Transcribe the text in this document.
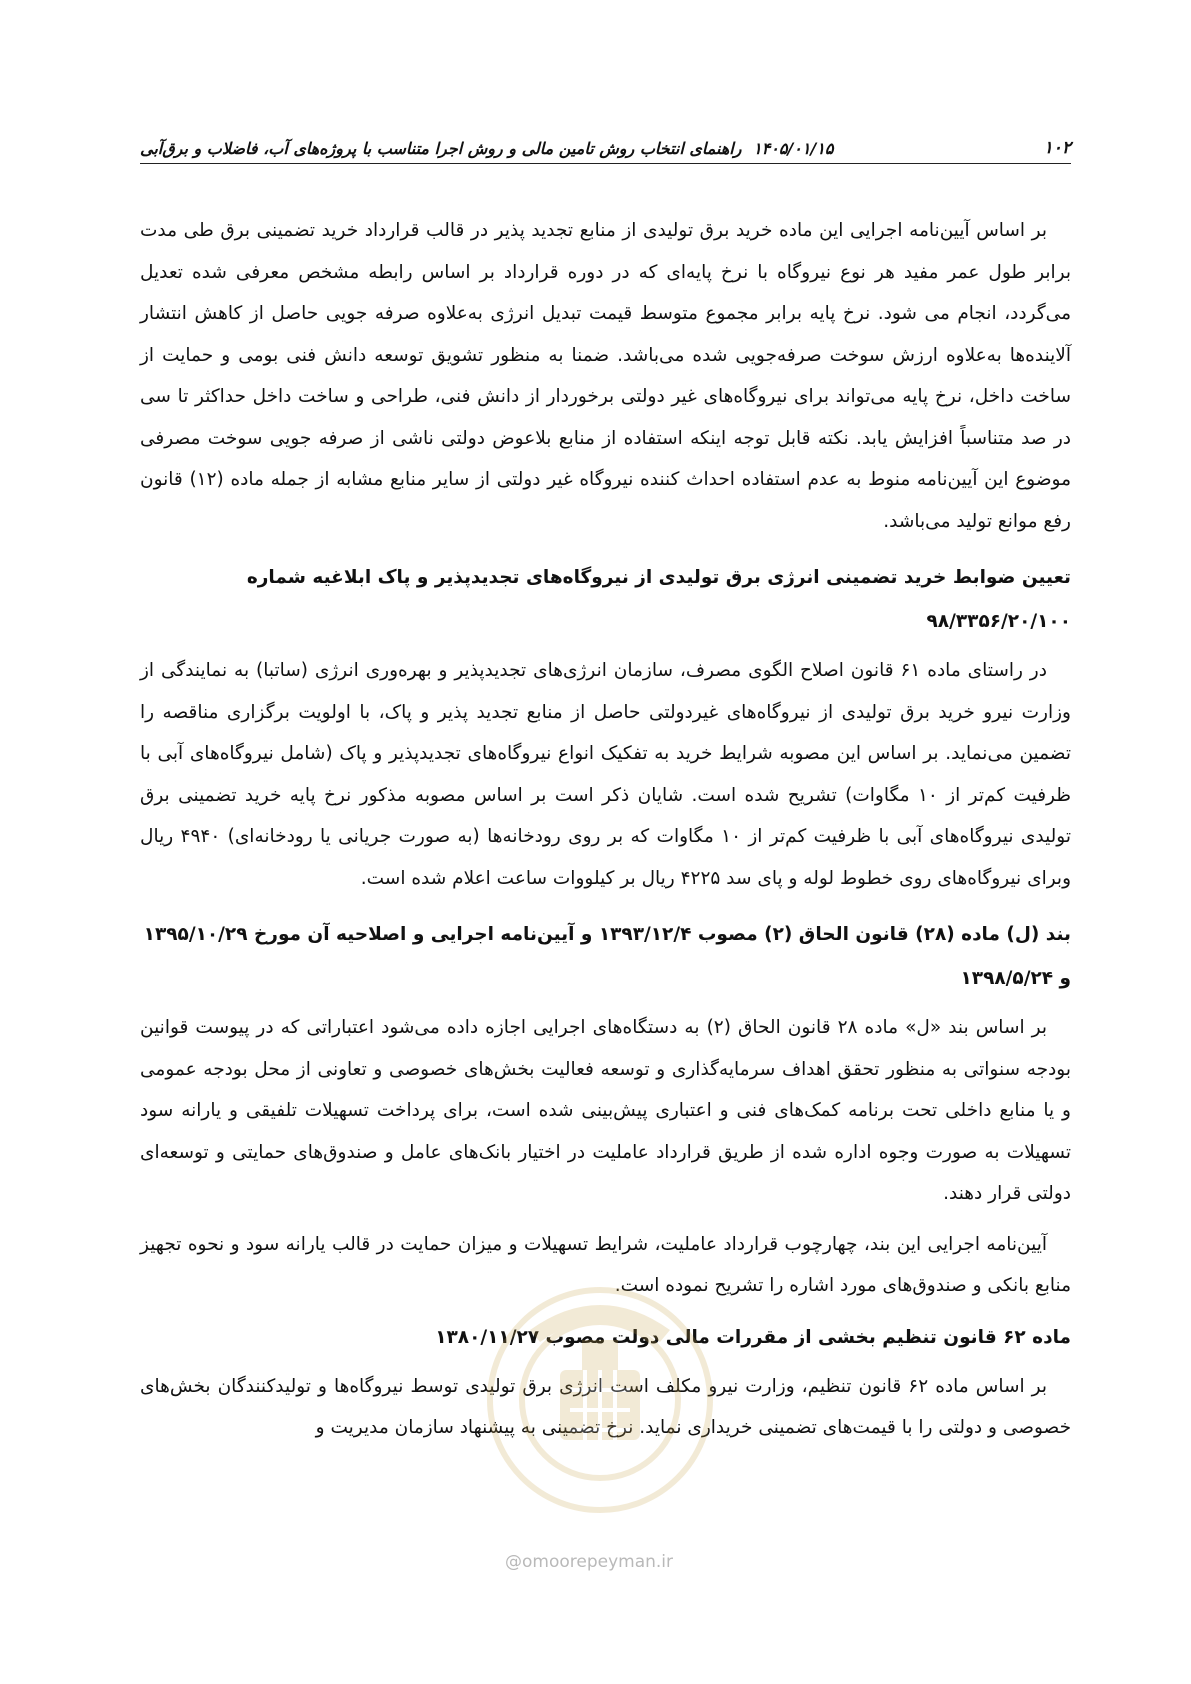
۱۰۲
۱۴۰۵/۰۱/۱۵ راهنمای انتخاب روش تامین مالی و روش اجرا متناسب با پروژه‌های آب، فاضلاب و برق‌آبی

بر اساس آیین‌نامه اجرایی این ماده خرید برق تولیدی از منابع تجدید پذیر در قالب قرارداد خرید تضمینی برق طی مدت برابر طول عمر مفید هر نوع نیروگاه با نرخ پایه‌ای که در دوره قرارداد بر اساس رابطه مشخص معرفی شده تعدیل می‌گردد، انجام می شود. نرخ پایه برابر مجموع متوسط قیمت تبدیل انرژی به‌علاوه صرفه جویی حاصل از کاهش انتشار آلاینده‌ها به‌علاوه ارزش سوخت صرفه‌جویی شده می‌باشد. ضمنا به منظور تشویق توسعه دانش فنی بومی و حمایت از ساخت داخل، نرخ پایه می‌تواند برای نیروگاه‌های غیر دولتی برخوردار از دانش فنی، طراحی و ساخت داخل حداکثر تا سی در صد متناسباً افزایش یابد. نکته قابل توجه اینکه استفاده از منابع بلاعوض دولتی ناشی از صرفه جویی سوخت مصرفی موضوع این آیین‌نامه منوط به عدم استفاده احداث کننده نیروگاه غیر دولتی از سایر منابع مشابه از جمله ماده (۱۲) قانون رفع موانع تولید می‌باشد.

تعیین ضوابط خرید تضمینی انرژی برق تولیدی از نیروگاه‌های تجدیدپذیر و پاک ابلاغیه شماره ۹۸/۳۳۵۶/۲۰/۱۰۰

در راستای ماده ۶۱ قانون اصلاح الگوی مصرف، سازمان انرژی‌های تجدیدپذیر و بهره‌وری انرژی (ساتبا) به نمایندگی از وزارت نیرو خرید برق تولیدی از نیروگاه‌های غیردولتی حاصل از منابع تجدید پذیر و پاک، با اولویت برگزاری مناقصه را تضمین می‌نماید. بر اساس این مصوبه شرایط خرید به تفکیک انواع نیروگاه‌های تجدیدپذیر و پاک (شامل نیروگاه‌های آبی با ظرفیت کم‌تر از ۱۰ مگاوات) تشریح شده است. شایان ذکر است بر اساس مصوبه مذکور نرخ پایه خرید تضمینی برق تولیدی نیروگاه‌های آبی با ظرفیت کم‌تر از ۱۰ مگاوات که بر روی رودخانه‌ها (به صورت جریانی یا رودخانه‌ای) ۴۹۴۰ ریال وبرای نیروگاه‌های روی خطوط لوله و پای سد ۴۲۲۵ ریال بر کیلووات ساعت اعلام شده است.

بند (ل) ماده (۲۸) قانون الحاق (۲) مصوب ۱۳۹۳/۱۲/۴ و آیین‌نامه اجرایی و اصلاحیه آن مورخ ۱۳۹۵/۱۰/۲۹ و ۱۳۹۸/۵/۲۴

بر اساس بند «ل» ماده ۲۸ قانون الحاق (۲) به دستگاه‌های اجرایی اجازه داده می‌شود اعتباراتی که در پیوست قوانین بودجه سنواتی به منظور تحقق اهداف سرمایه‌گذاری و توسعه فعالیت بخش‌های خصوصی و تعاونی از محل بودجه عمومی و یا منابع داخلی تحت برنامه کمک‌های فنی و اعتباری پیش‌بینی شده است، برای پرداخت تسهیلات تلفیقی و یارانه سود تسهیلات به صورت وجوه اداره شده از طریق قرارداد عاملیت در اختیار بانک‌های عامل و صندوق‌های حمایتی و توسعه‌ای دولتی قرار دهند.

آیین‌نامه اجرایی این بند، چهارچوب قرارداد عاملیت، شرایط تسهیلات و میزان حمایت در قالب یارانه سود و نحوه تجهیز منابع بانکی و صندوق‌های مورد اشاره را تشریح نموده است.

ماده ۶۲ قانون تنظیم بخشی از مقررات مالی دولت مصوب ۱۳۸۰/۱۱/۲۷

بر اساس ماده ۶۲ قانون تنظیم، وزارت نیرو مکلف است انرژی برق تولیدی توسط نیروگاه‌ها و تولیدکنندگان بخش‌های خصوصی و دولتی را با قیمت‌های تضمینی خریداری نماید. نرخ تضمینی به پیشنهاد سازمان مدیریت و

@omoorepeyman.ir
